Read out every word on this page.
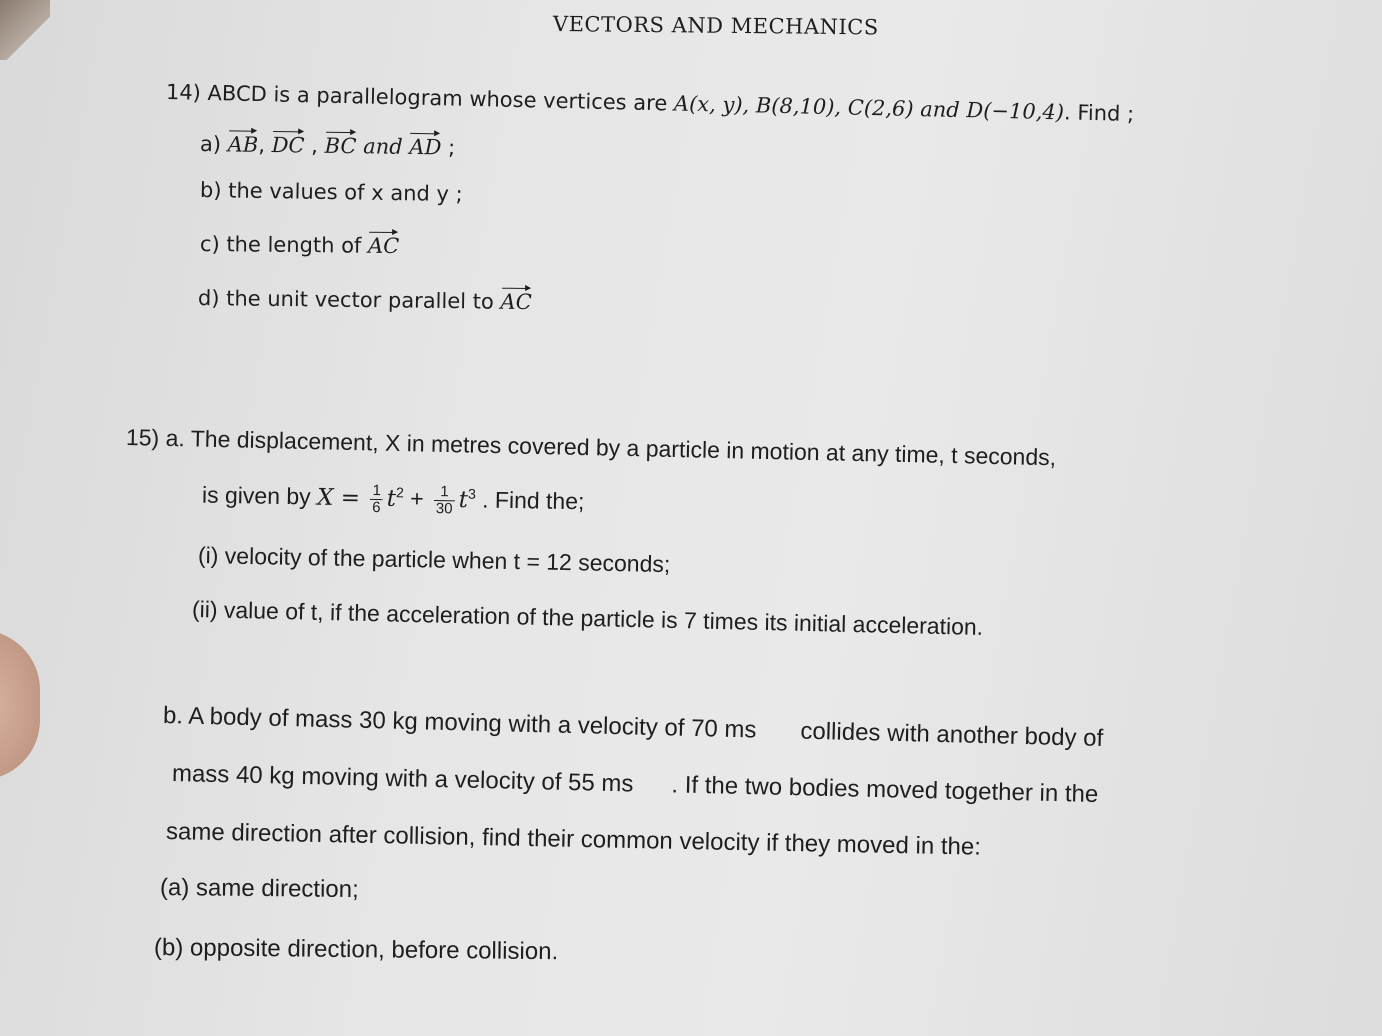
VECTORS AND MECHANICS
14) ABCD is a parallelogram whose vertices are A(x, y), B(8,10), C(2,6) and D(−10,4). Find ;
a) AB, DC , BC and AD ;
b) the values of x and y ;
c) the length of AC
d) the unit vector parallel to AC
15) a. The displacement, X in metres covered by a particle in motion at any time, t seconds,
is given by $X = \frac{1}{6} t^2 + \frac{1}{30} t^3$ . Find the;
(i) velocity of the particle when t = 12 seconds;
(ii) value of t, if the acceleration of the particle is 7 times its initial acceleration.
b. A body of mass 30 kg moving with a velocity of 70 ms collides with another body of
mass 40 kg moving with a velocity of 55 ms . If the two bodies moved together in the
same direction after collision, find their common velocity if they moved in the:
(a) same direction;
(b) opposite direction, before collision.
